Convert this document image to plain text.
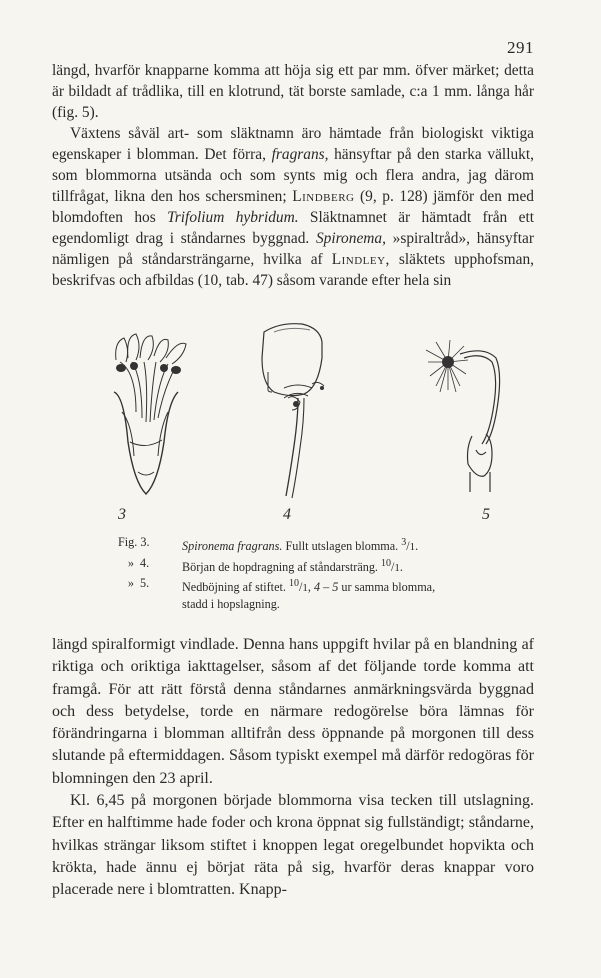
291

längd, hvarför knapparne komma att höja sig ett par mm. öfver märket; detta är bildadt af trådlika, till en klotrund, tät borste samlade, c:a 1 mm. långa hår (fig. 5).

Växtens såväl art- som släktnamn äro hämtade från biologiskt viktiga egenskaper i blomman. Det förra, fragrans, hänsyftar på den starka vällukt, som blommorna utsända och som synts mig och flera andra, jag därom tillfrågat, likna den hos schersminen; Lindberg (9, p. 128) jämför den med blomdoften hos Trifolium hybridum. Släktnamnet är hämtadt från ett egendomligt drag i ståndarnes byggnad. Spironema, »spiraltråd», hänsyftar nämligen på ståndarsträngarne, hvilka af Lindley, släktets upphofsman, beskrifvas och afbildas (10, tab. 47) såsom varande efter hela sin

3	4	5
Fig. 3.	Spironema fragrans. Fullt utslagen blomma. $^3$/1.
» 4.	Början de hopdragning af ståndarsträng. $^{10}$/1.
» 5.	Nedböjning af stiftet. $^{10}$/1, 4 – 5 ur samma blomma,
stadd i hopslagning.

längd spiralformigt vindlade. Denna hans uppgift hvilar på en blandning af riktiga och oriktiga iakttagelser, såsom af det följande torde komma att framgå. För att rätt förstå denna ståndarnes anmärkningsvärda byggnad och dess betydelse, torde en närmare redogörelse böra lämnas för förändringarna i blomman alltifrån dess öppnande på morgonen till dess slutande på eftermiddagen. Såsom typiskt exempel må därför redogöras för blomningen den 23 april.

Kl. 6,45 på morgonen började blommorna visa tecken till utslagning. Efter en halftimme hade foder och krona öppnat sig fullständigt; ståndarne, hvilkas strängar liksom stiftet i knoppen legat oregelbundet hopvikta och krökta, hade ännu ej börjat räta på sig, hvarför deras knappar voro placerade nere i blomtratten. Knapp-
